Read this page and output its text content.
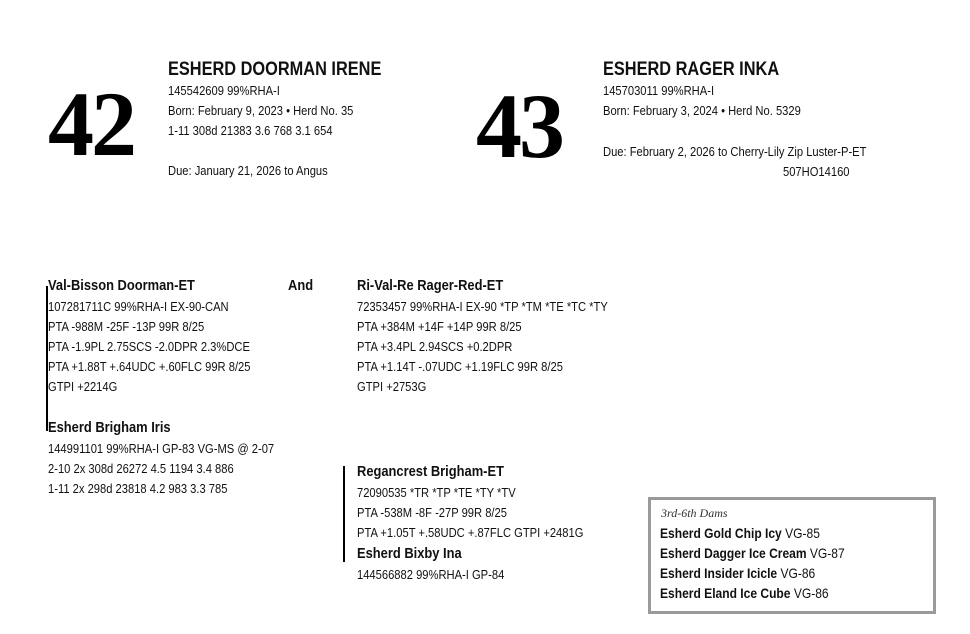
42
ESHERD DOORMAN IRENE
145542609 99%RHA-I
Born: February 9, 2023 • Herd No. 35
1-11 308d 21383 3.6 768 3.1 654
Due: January 21, 2026 to Angus 43
ESHERD RAGER INKA
145703011 99%RHA-I
Born: February 3, 2024 • Herd No. 5329
Due: February 2, 2026 to Cherry-Lily Zip Luster-P-ET
507HO14160
Val-Bisson Doorman-ET
107281711C 99%RHA-I EX-90-CAN
PTA -988M -25F -13P 99R 8/25
PTA -1.9PL 2.75SCS -2.0DPR 2.3%DCE
PTA +1.88T +.64UDC +.60FLC 99R 8/25
GTPI +2214G
Esherd Brigham Iris
144991101 99%RHA-I GP-83 VG-MS @ 2-07
2-10 2x 308d 26272 4.5 1194 3.4 886
1-11 2x 298d 23818 4.2 983 3.3 785
And	Ri-Val-Re Rager-Red-ET
72353457 99%RHA-I EX-90 *TP *TM *TE *TC *TY
PTA +384M +14F +14P 99R 8/25
PTA +3.4PL 2.94SCS +0.2DPR
PTA +1.14T -.07UDC +1.19FLC 99R 8/25
GTPI +2753G
Regancrest Brigham-ET
72090535 *TR *TP *TE *TY *TV
PTA -538M -8F -27P 99R 8/25
PTA +1.05T +.58UDC +.87FLC GTPI +2481G
Esherd Bixby Ina
144566882 99%RHA-I GP-84
3rd-6th Dams
Esherd Gold Chip Icy VG-85
Esherd Dagger Ice Cream VG-87
Esherd Insider Icicle VG-86
Esherd Eland Ice Cube VG-86
